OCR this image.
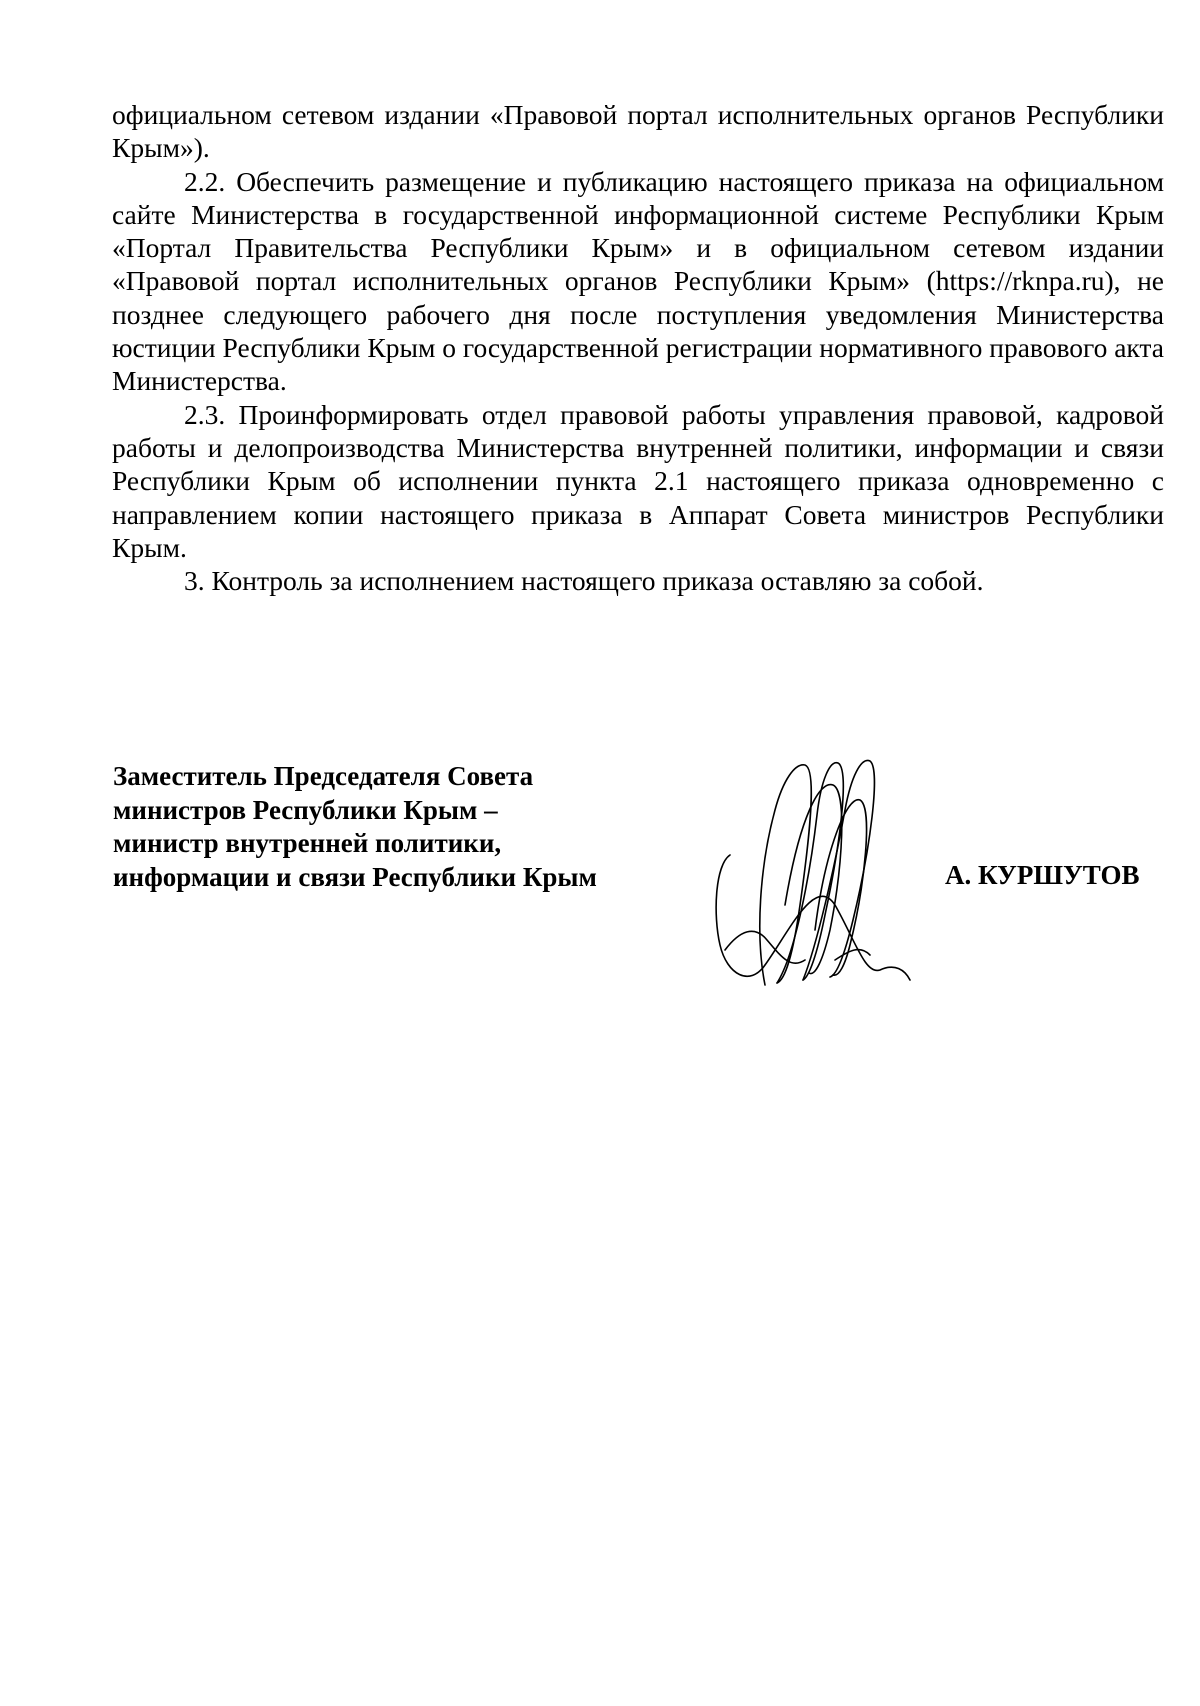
официальном сетевом издании «Правовой портал исполнительных органов Республики Крым»).

2.2. Обеспечить размещение и публикацию настоящего приказа на официальном сайте Министерства в государственной информационной системе Республики Крым «Портал Правительства Республики Крым» и в официальном сетевом издании «Правовой портал исполнительных органов Республики Крым» (https://rknpa.ru), не позднее следующего рабочего дня после поступления уведомления Министерства юстиции Республики Крым о государственной регистрации нормативного правового акта Министерства.

2.3. Проинформировать отдел правовой работы управления правовой, кадровой работы и делопроизводства Министерства внутренней политики, информации и связи Республики Крым об исполнении пункта 2.1 настоящего приказа одновременно с направлением копии настоящего приказа в Аппарат Совета министров Республики Крым.

3. Контроль за исполнением настоящего приказа оставляю за собой.

Заместитель Председателя Совета
министров Республики Крым –
министр внутренней политики,
информации и связи Республики Крым	А. КУРШУТОВ
